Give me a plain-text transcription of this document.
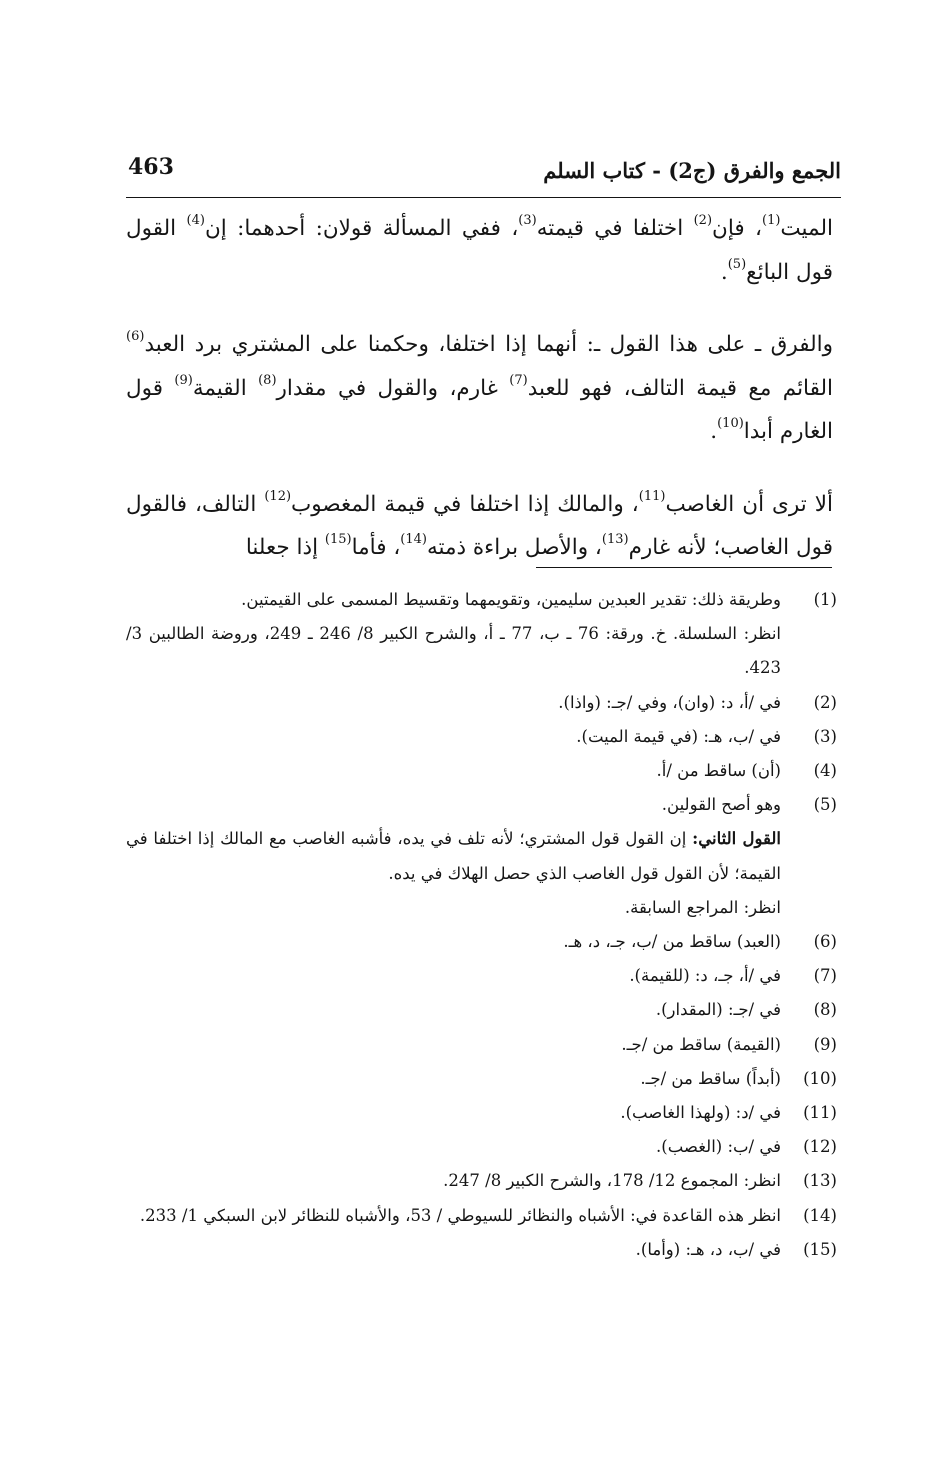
الجمع والفرق (ج2) - كتاب السلم
463

الميت$^{(1)}$، فإن$^{(2)}$ اختلفا في قيمته$^{(3)}$، ففي المسألة قولان: أحدهما: إن$^{(4)}$ القول قول البائع$^{(5)}$.

والفرق ـ على هذا القول ـ: أنهما إذا اختلفا، وحكمنا على المشتري برد العبد$^{(6)}$ القائم مع قيمة التالف، فهو للعبد$^{(7)}$ غارم، والقول في مقدار$^{(8)}$ القيمة$^{(9)}$ قول الغارم أبدا$^{(10)}$.

ألا ترى أن الغاصب$^{(11)}$، والمالك إذا اختلفا في قيمة المغصوب$^{(12)}$ التالف، فالقول قول الغاصب؛ لأنه غارم$^{(13)}$، والأصل براءة ذمته$^{(14)}$، فأما$^{(15)}$ إذا جعلنا

(1)
وطريقة ذلك: تقدير العبدين سليمين، وتقويمهما وتقسيط المسمى على القيمتين.
انظر: السلسلة. خ. ورقة: 76 ـ ب، 77 ـ أ، والشرح الكبير 8/ 246 ـ 249، وروضة الطالبين 3/ 423.
(2)
في /أ، د: (وان)، وفي /جـ: (واذا).
(3)
في /ب، هـ: (في قيمة الميت).
(4)
(أن) ساقط من /أ.
(5)
وهو أصح القولين.
القول الثاني: إن القول قول المشتري؛ لأنه تلف في يده، فأشبه الغاصب مع المالك إذا اختلفا في القيمة؛ لأن القول قول الغاصب الذي حصل الهلاك في يده.
انظر: المراجع السابقة.
(6)
(العبد) ساقط من /ب، جـ، د، هـ.
(7)
في /أ، جـ، د: (للقيمة).
(8)
في /جـ: (المقدار).
(9)
(القيمة) ساقط من /جـ.
(10)
(أبداً) ساقط من /جـ.
(11)
في /د: (ولهذا الغاصب).
(12)
في /ب: (الغصب).
(13)
انظر: المجموع 12/ 178، والشرح الكبير 8/ 247.
(14)
انظر هذه القاعدة في: الأشباه والنظائر للسيوطي / 53، والأشباه للنظائر لابن السبكي 1/ 233.
(15)
في /ب، د، هـ: (وأما).
